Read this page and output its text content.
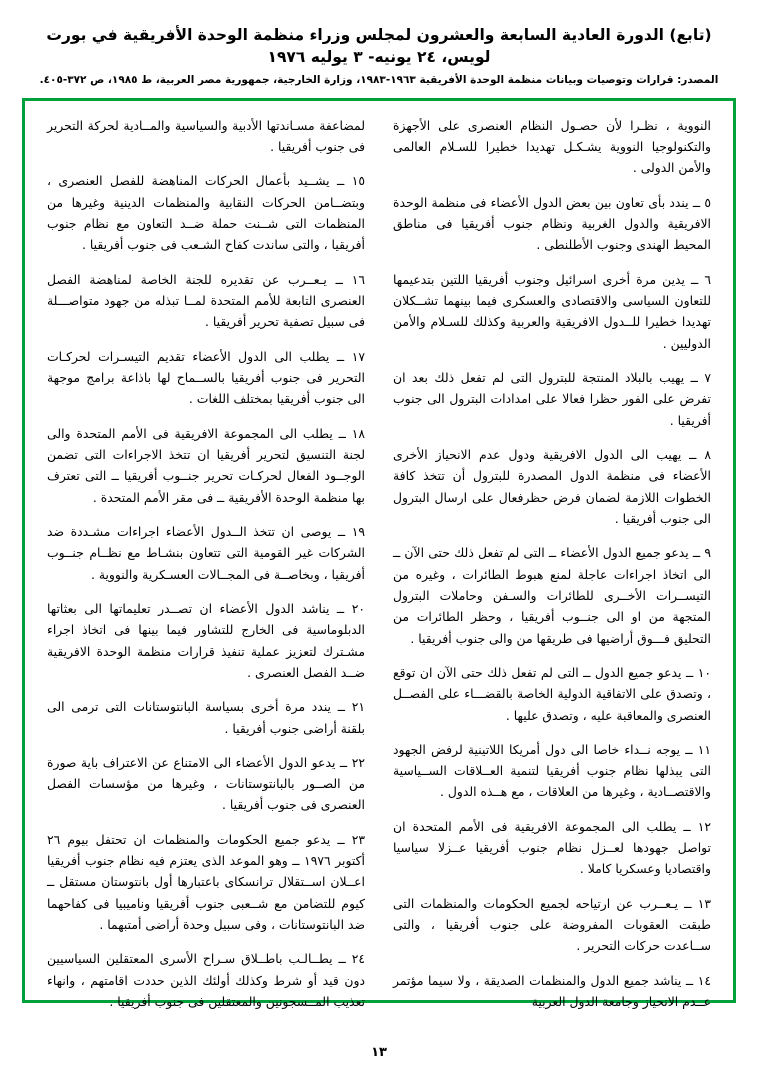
(تابع) الدورة العادية السابعة والعشرون لمجلس وزراء منظمة الوحدة الأفريقية في بورت لويس، ٢٤ يونيه- ٣ يوليه ١٩٧٦
المصدر: قرارات وتوصيات وبيانات منظمة الوحدة الأفريقية ١٩٦٣-١٩٨٣، وزارة الخارجية، جمهورية مصر العربية، ط ١٩٨٥، ص ٣٧٢-٤٠٥.

النووية ، نظـرا لأن حصـول النظام العنصرى على الأجهزة والتكنولوجيا النووية يشـكـل تهديدا خطيرا للسـلام العالمى والأمن الدولى .

٥ ــ يندد بأى تعاون بين بعض الدول الأعضاء فى منظمة الوحدة الافريقية والدول الغربية ونظام جنوب أفريقيا فى مناطق المحيط الهندى وجنوب الأطلنطى .

٦ ــ يدين مرة أخرى اسرائيل وجنوب أفريقيا اللتين بتدعيمها للتعاون السياسى والاقتصادى والعسكرى فيما بينهما تشــكلان تهديدا خطيرا للــدول الافريقية والعربية وكذلك للسـلام والأمن الدوليين .

٧ ــ يهيب بالبلاد المنتجة للبترول التى لم تفعل ذلك بعد ان تفرض على الفور حظرا فعالا على امدادات البترول الى جنوب أفريقيا .

٨ ــ يهيب الى الدول الافريقية ودول عدم الانحياز الأخرى الأعضاء فى منظمة الدول المصدرة للبترول أن تتخذ كافة الخطوات اللازمة لضمان فرض حظرفعال على ارسال البترول الى جنوب أفريقيا .

٩ ــ يدعو جميع الدول الأعضاء ــ التى لم تفعل ذلك حتى الآن ــ الى اتخاذ اجراءات عاجلة لمنع هبوط الطائرات ، وغيره من التيســرات الأخــرى للطائرات والسـفن وحاملات البترول المتجهة من او الى جنــوب أفريقيا ، وحظر الطائرات من التحليق فـــوق أراضيها فى طريقها من والى جنوب أفريقيا .

١٠ ــ يدعو جميع الدول ــ التى لم تفعل ذلك حتى الآن ان توقع ، وتصدق على الاتفاقية الدولية الخاصة بالقضـــاء على الفصــل العنصرى والمعاقبة عليه ، وتصدق عليها .

١١ ــ يوجه نــداء خاصا الى دول أمريكا اللاتينية لرفض الجهود التى يبذلها نظام جنوب أفريقيا لتنمية العــلاقات الســياسية والاقتصــادية ، وغيرها من العلاقات ، مع هــذه الدول .

١٢ ــ يطلب الى المجموعة الافريقية فى الأمم المتحدة ان تواصل جهودها لعــزل نظام جنوب أفريقيا عــزلا سياسيا واقتصاديا وعسكريا كاملا .

١٣ ــ يـعــرب عن ارتياحه لجميع الحكومات والمنظمات التى طبقت العقوبات المفروضة على جنوب أفريقيا ، والتى ســاعدت حركات التحرير .

١٤ ــ يناشد جميع الدول والمنظمات الصديقة ، ولا سيما مؤتمر عــدم الانحياز وجامعة الدول العربية

لمضاعفة مسـاندتها الأدبية والسياسية والمــادية لحركة التحرير فى جنوب أفريقيا .

١٥ ــ يشــيد بأعمال الحركات المناهضة للفصل العنصرى ، وبتضــامن الحركات النقابية والمنظمات الدينية وغيرها من المنظمات التى شــنت حملة ضــد التعاون مع نظام جنوب أفريقيا ، والتى ساندت كفاح الشـعب فى جنوب أفريقيا .

١٦ ــ يـعــرب عن تقديره للجنة الخاصة لمناهضة الفصل العنصرى التابعة للأمم المتحدة لمــا تبذله من جهود متواصـــلة فى سبيل تصفية تحرير أفريقيا .

١٧ ــ يطلب الى الدول الأعضاء تقديم التيسـرات لحركـات التحرير فى جنوب أفريقيا بالســماح لها باذاعة برامج موجهة الى جنوب أفريقيا بمختلف اللغات .

١٨ ــ يطلب الى المجموعة الافريقية فى الأمم المتحدة والى لجنة التنسيق لتحرير أفريقيا ان تتخذ الاجراءات التى تضمن الوجــود الفعال لحركـات تحرير جنــوب أفريقيا ــ التى تعترف بها منظمة الوحدة الأفريقية ــ فى مقر الأمم المتحدة .

١٩ ــ يوصى ان تتخذ الــدول الأعضاء اجراءات مشـددة ضد الشركات غير القومية التى تتعاون بنشـاط مع نظــام جنــوب أفريقيا ، وبخاصــة فى المجــالات العسـكرية والنووية .

٢٠ ــ يناشد الدول الأعضاء ان تصــدر تعليماتها الى بعثاتها الدبلوماسية فى الخارج للتشاور فيما بينها فى اتخاذ اجراء مشـترك لتعزيز عملية تنفيذ قرارات منظمة الوحدة الافريقية ضــد الفصل العنصرى .

٢١ ــ يندد مرة أخرى بسياسة البانتوستانات التى ترمى الى بلقنة أراضى جنوب أفريقيا .

٢٢ ــ يدعو الدول الأعضاء الى الامتناع عن الاعتراف باية صورة من الصــور بالبانتوستانات ، وغيرها من مؤسسات الفصل العنصرى فى جنوب أفريقيا .

٢٣ ــ يدعو جميع الحكومات والمنظمات ان تحتفل بيوم ٢٦ أكتوبر ١٩٧٦ ــ وهو الموعد الذى يعتزم فيه نظام جنوب أفريقيا اعــلان اســتقلال ترانسكاى باعتبارها أول بانتوستان مستقل ــ كيوم للتضامن مع شــعبى جنوب أفريقيا وناميبيا فى كفاحهما ضد البانتوستانات ، وفى سبيل وحدة أراضى أمتبهما .

٢٤ ــ يطــالـب باطــلاق سـراح الأسرى المعتقلين السياسيين دون قيد أو شرط وكذلك أولئك الذين حددت اقامتهم ، وانهاء تعذيب المــسجونين والمعتقلين فى جنوب أفريقيا .

١٣
